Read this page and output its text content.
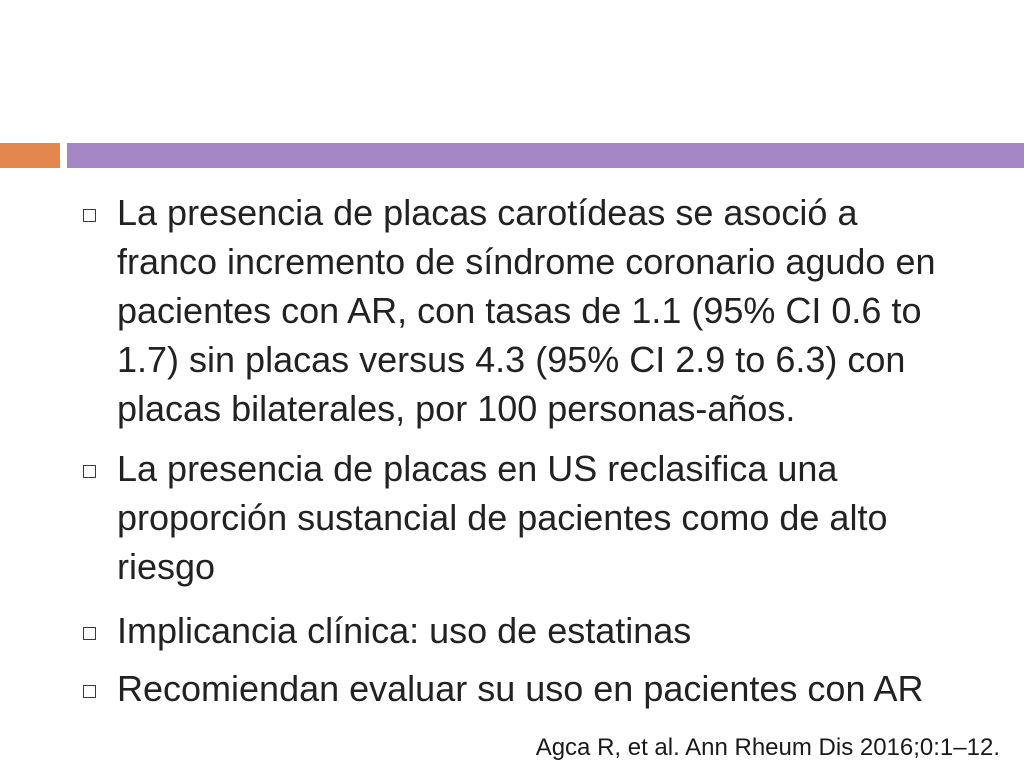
La presencia de placas carotídeas se asoció a
franco incremento de síndrome coronario agudo en
pacientes con AR, con tasas de 1.1 (95% CI 0.6 to
1.7) sin placas versus 4.3 (95% CI 2.9 to 6.3) con
placas bilaterales, por 100 personas-años.
La presencia de placas en US reclasifica una
proporción sustancial de pacientes como de alto
riesgo
Implicancia clínica: uso de estatinas
Recomiendan evaluar su uso en pacientes con AR
Agca R, et al. Ann Rheum Dis 2016;0:1–12.
